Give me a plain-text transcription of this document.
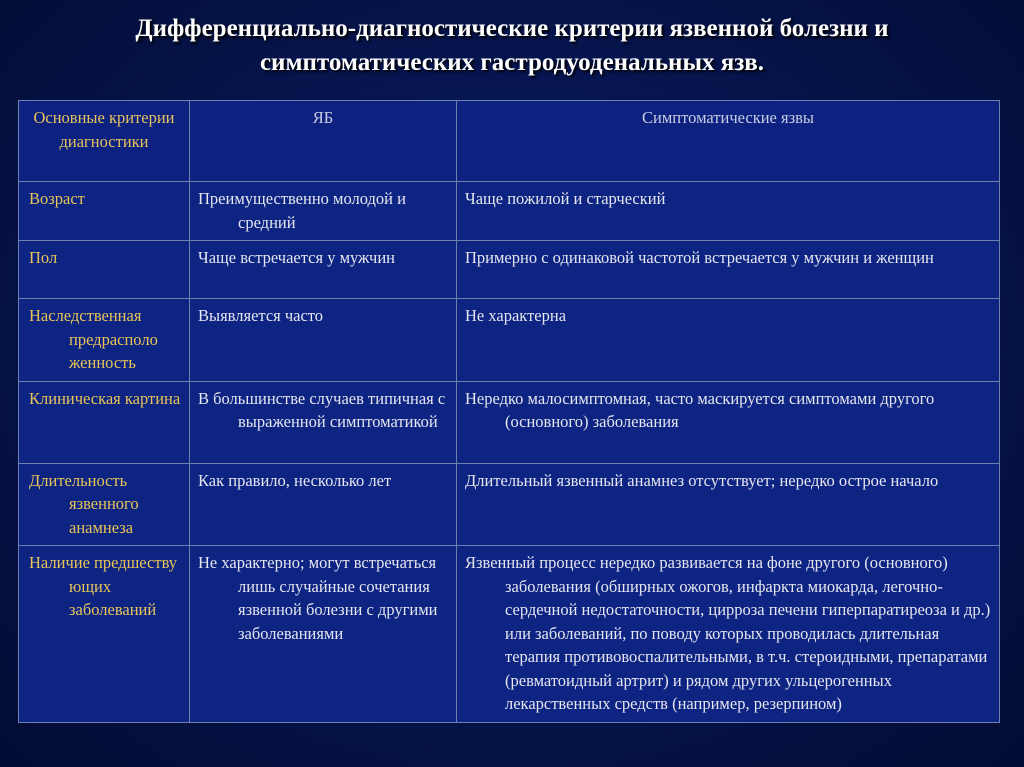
Дифференциально-диагностические критерии язвенной болезни и
симптоматических гастродуоденальных язв.
Основные критерии диагностики	ЯБ	Симптоматические язвы

Возраст	Преимущественно молодой и средний	Чаще пожилой и старческий

Пол	Чаще встречается у мужчин	Примерно с одинаковой частотой встречается у мужчин и женщин

Наследственная предрасполо женность	Выявляется часто	Не характерна

Клиническая картина	В большинстве случаев типичная с выраженной симптоматикой	Нередко малосимптомная, часто маскируется симптомами другого (основного) заболевания

Длительность язвенного анамнеза	Как правило, несколько лет	Длительный язвенный анамнез отсутствует; нередко острое начало

Наличие предшеству ющих заболеваний	Не характерно; могут встречаться лишь случайные сочетания язвенной болезни с другими заболеваниями	Язвенный процесс нередко развивается на фоне другого (основного) заболевания (обширных ожогов, инфаркта миокарда, легочно-сердечной недостаточности, цирроза печени гиперпаратиреоза и др.) или заболеваний, по поводу которых проводилась длительная терапия противовоспалительными, в т.ч. стероидными, препаратами (ревматоидный артрит) и рядом других ульцерогенных лекарственных средств (например, резерпином)
